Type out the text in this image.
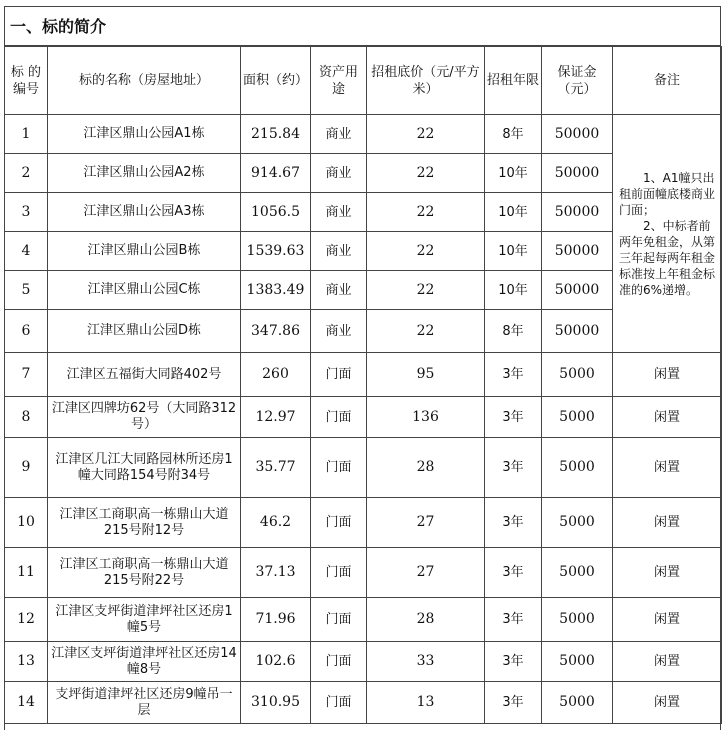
一、标的简介
标 的编号	标的名称（房屋地址）	面积（约）	资产用途	招租底价（元/平方米）	招租年限	保证金（元）	备注
1	江津区鼎山公园A1栋	215.84	商业	22	8年	50000	1、A1幢只出租前面幢底楼商业门面；
2、中标者前两年免租金，从第三年起每两年租金标准按上年租金标准的6%递增。

2	江津区鼎山公园A2栋	914.67	商业	22	10年	50000	
3	江津区鼎山公园A3栋	1056.5	商业	22	10年	50000	
4	江津区鼎山公园B栋	1539.63	商业	22	10年	50000	
5	江津区鼎山公园C栋	1383.49	商业	22	10年	50000	
6	江津区鼎山公园D栋	347.86	商业	22	8年	50000	
7	江津区五福街大同路402号	260	门面	95	3年	5000	闲置
8	江津区四牌坊62号（大同路312号）	12.97	门面	136	3年	5000	闲置
9	江津区几江大同路园林所还房1幢大同路154号附34号	35.77	门面	28	3年	5000	闲置
10	江津区工商职高一栋鼎山大道215号附12号	46.2	门面	27	3年	5000	闲置
11	江津区工商职高一栋鼎山大道215号附22号	37.13	门面	27	3年	5000	闲置
12	江津区支坪街道津坪社区还房1幢5号	71.96	门面	28	3年	5000	闲置
13	江津区支坪街道津坪社区还房14幢8号	102.6	门面	33	3年	5000	闲置
14	支坪街道津坪社区还房9幢吊一层	310.95	门面	13	3年	5000	闲置
